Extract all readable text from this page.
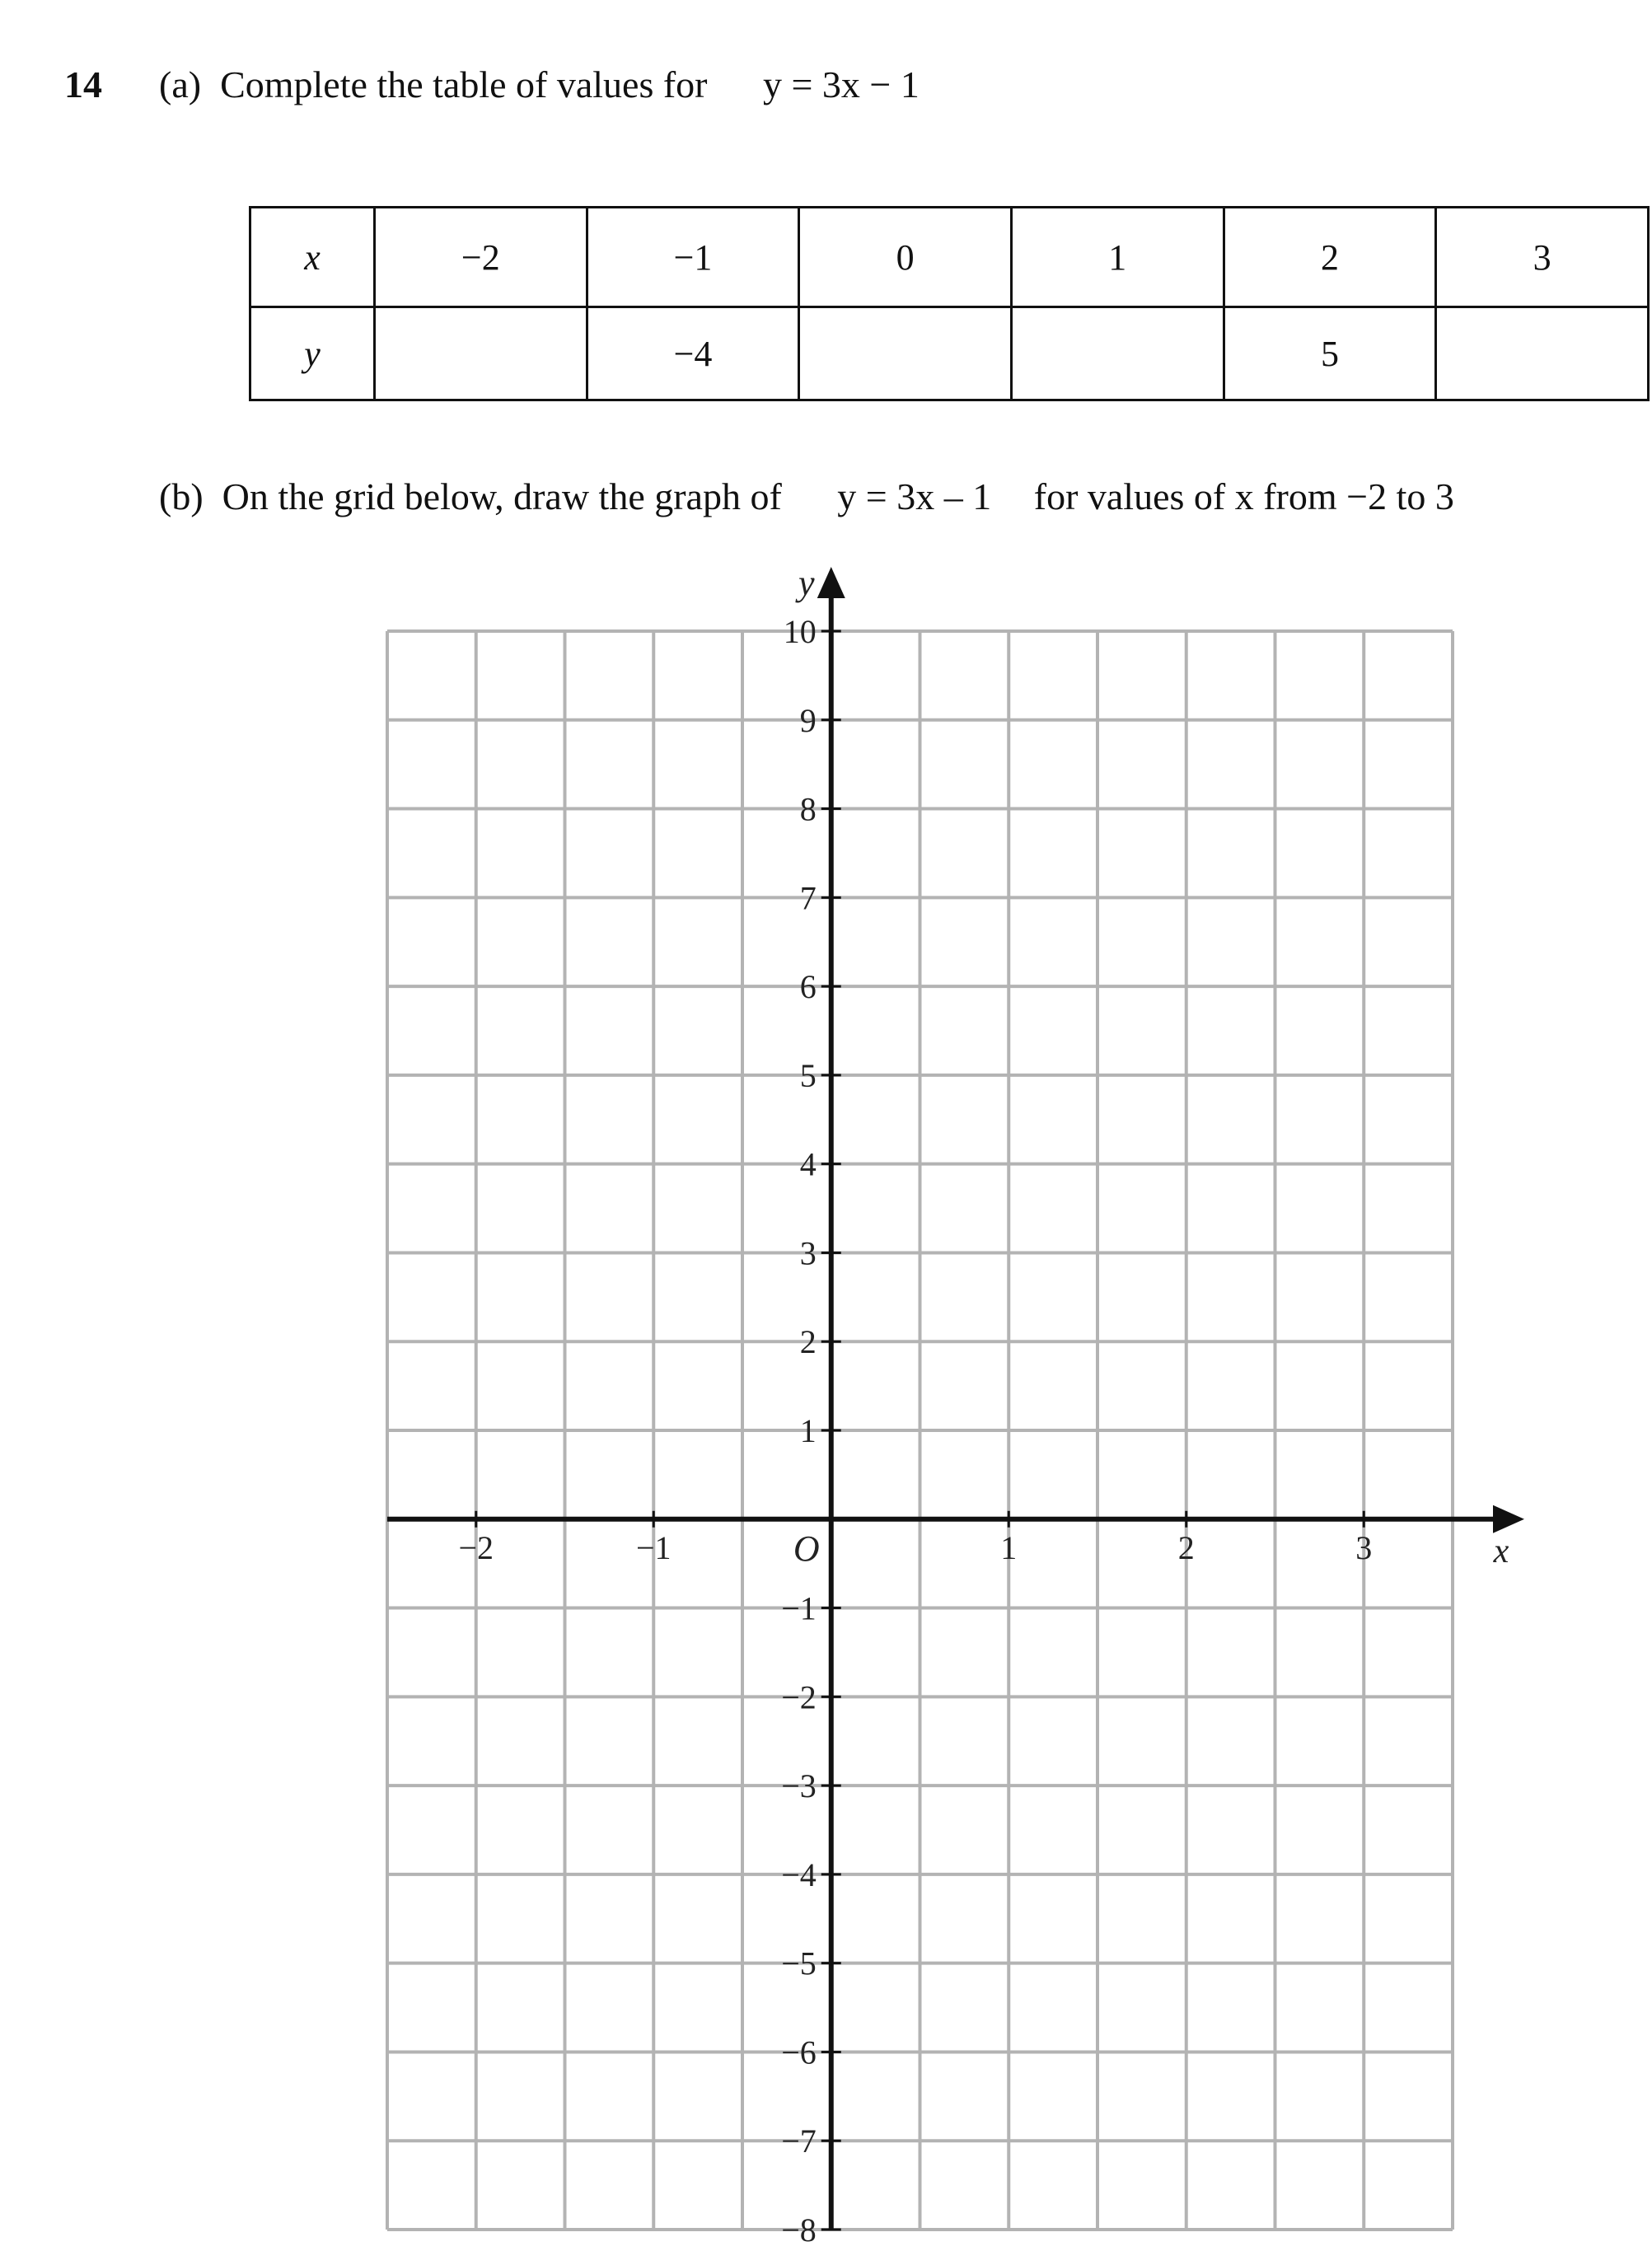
14 (a) Complete the table of values for y = 3x − 1
x	−2	−1	0	1	2	3
y		−4			5	
(b) On the grid below, draw the graph of y = 3x – 1 for values of x from −2 to 3
−2	−1	1	2	3
10
9
8
7
6
5
4
3
2
1
−1
−2
−3
−4
−5
−6
−7
−8
x
y
O
